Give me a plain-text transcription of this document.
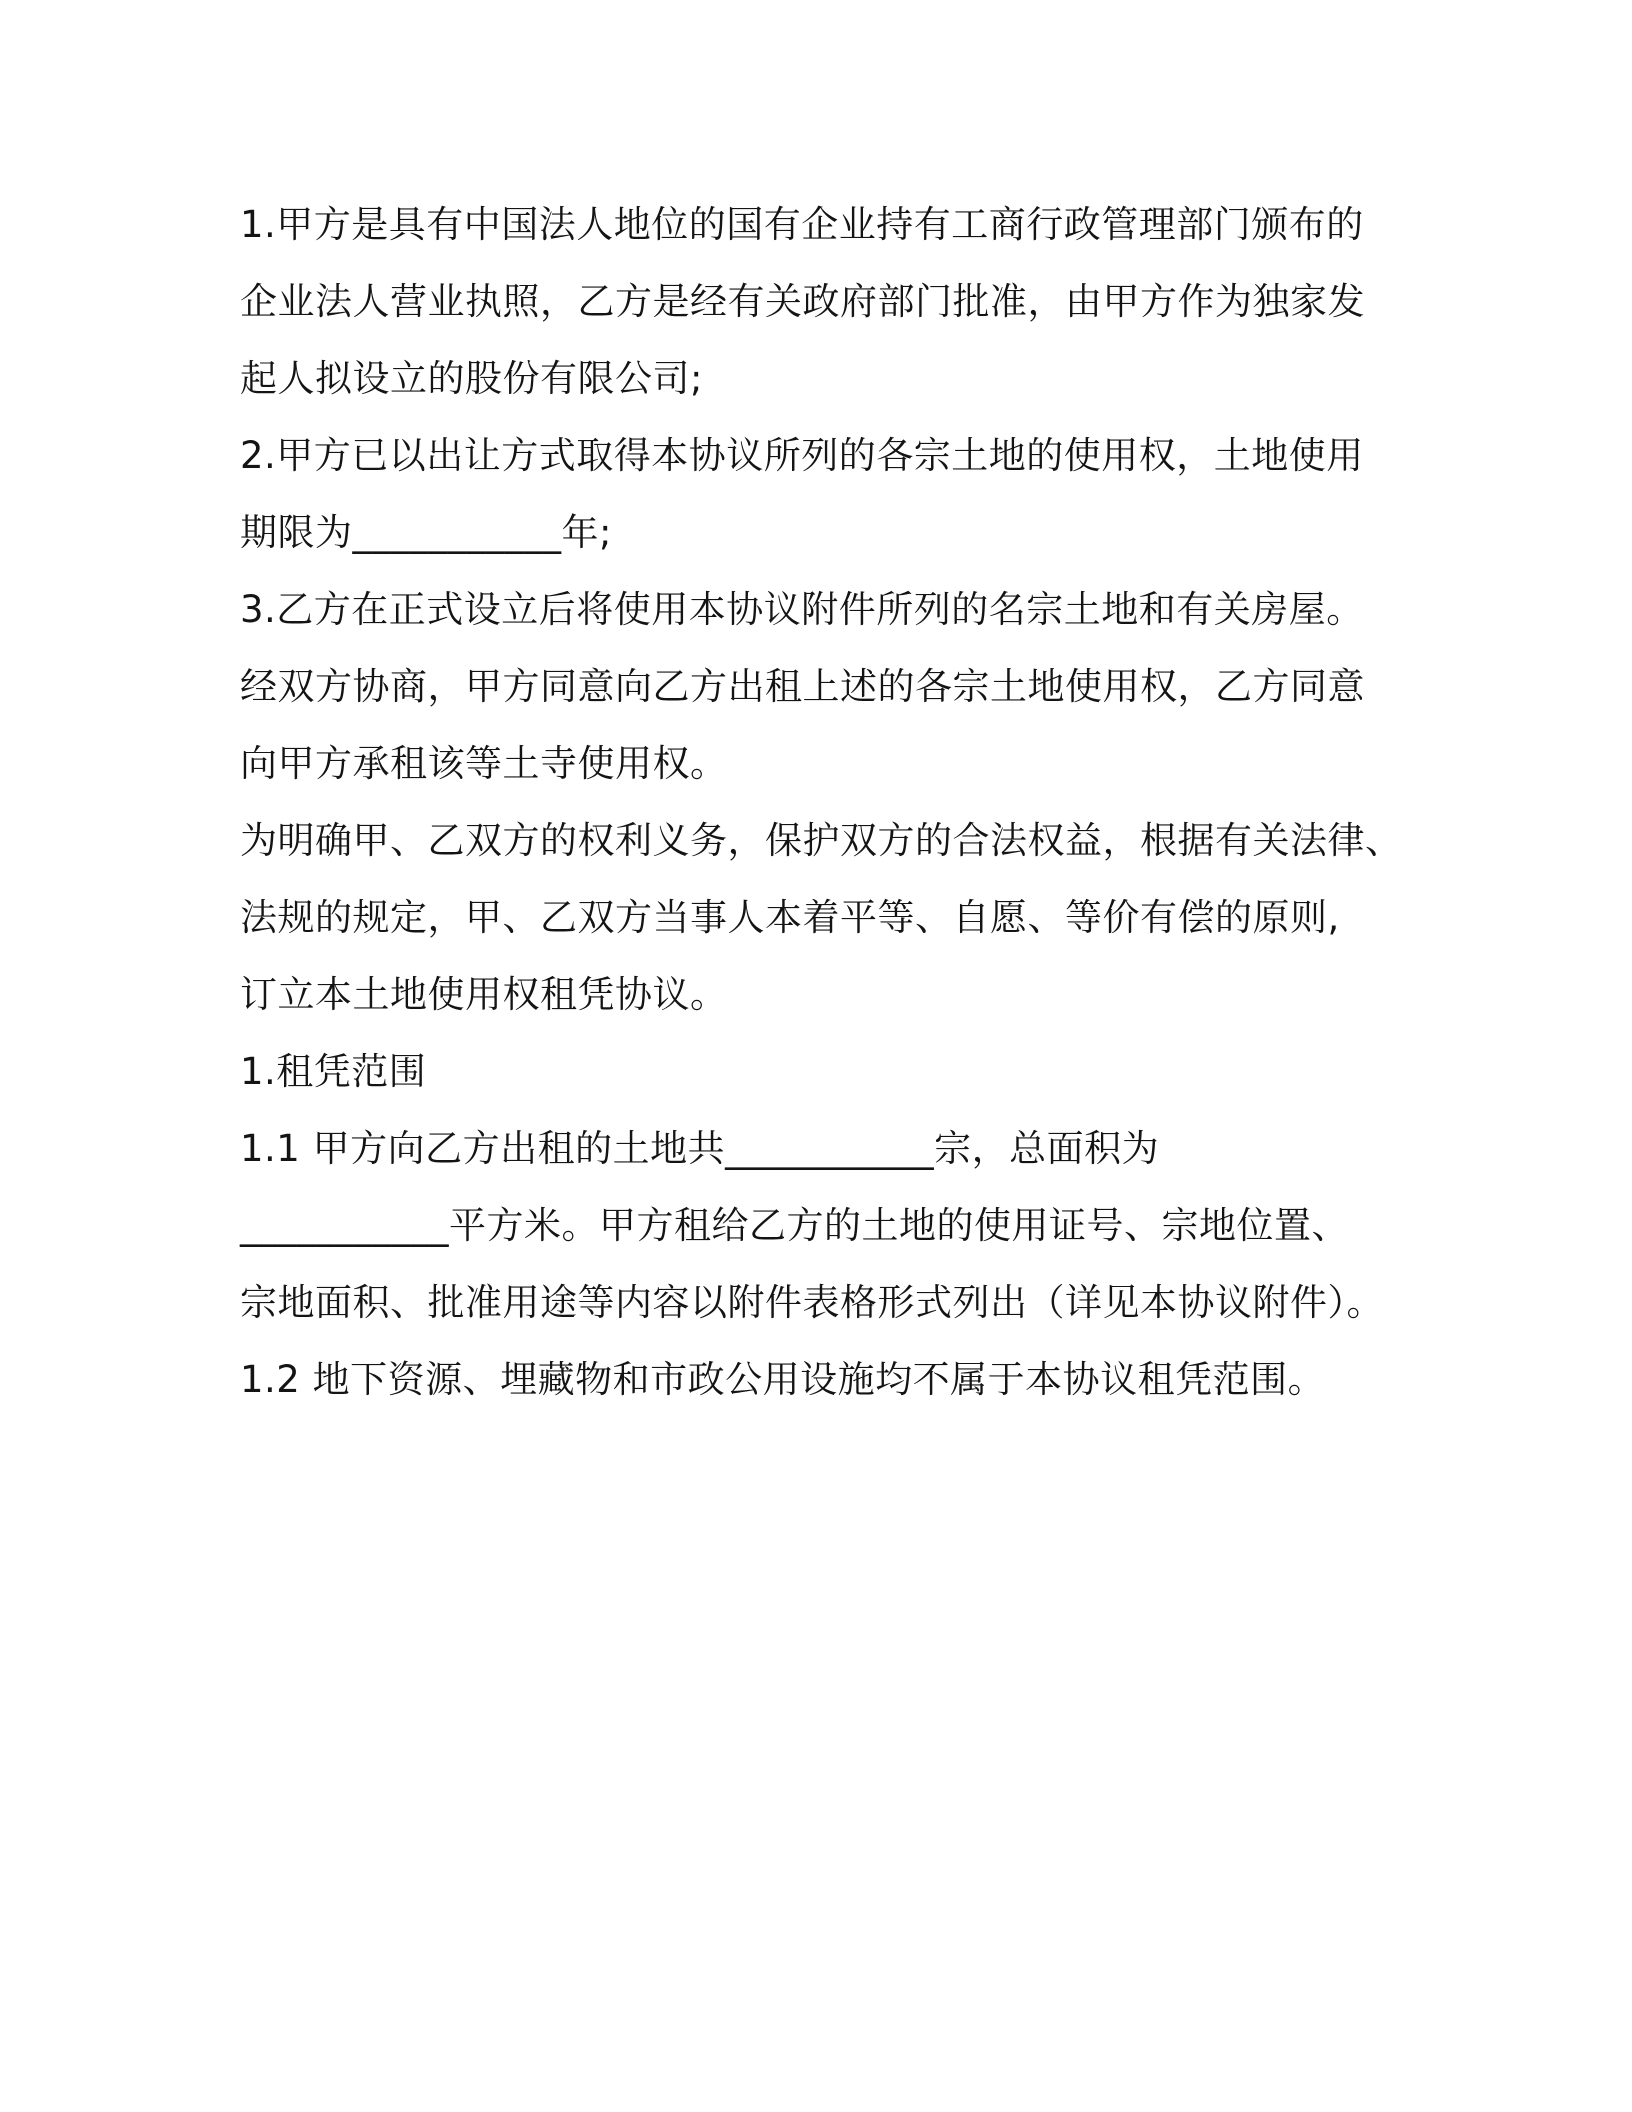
1.甲方是具有中国法人地位的国有企业持有工商行政管理部门颁布的
企业法人营业执照，乙方是经有关政府部门批准，由甲方作为独家发
起人拟设立的股份有限公司;
2.甲方已以出让方式取得本协议所列的各宗土地的使用权，土地使用
期限为___________年;
3.乙方在正式设立后将使用本协议附件所列的名宗土地和有关房屋。
经双方协商，甲方同意向乙方出租上述的各宗土地使用权，乙方同意
向甲方承租该等土寺使用权。
为明确甲、乙双方的权利义务，保护双方的合法权益，根据有关法律、
法规的规定，甲、乙双方当事人本着平等、自愿、等价有偿的原则,
订立本土地使用权租凭协议。
1.租凭范围
1.1 甲方向乙方出租的土地共___________宗，总面积为
___________平方米。甲方租给乙方的土地的使用证号、宗地位置、
宗地面积、批准用途等内容以附件表格形式列出（详见本协议附件）。
1.2 地下资源、埋藏物和市政公用设施均不属于本协议租凭范围。
